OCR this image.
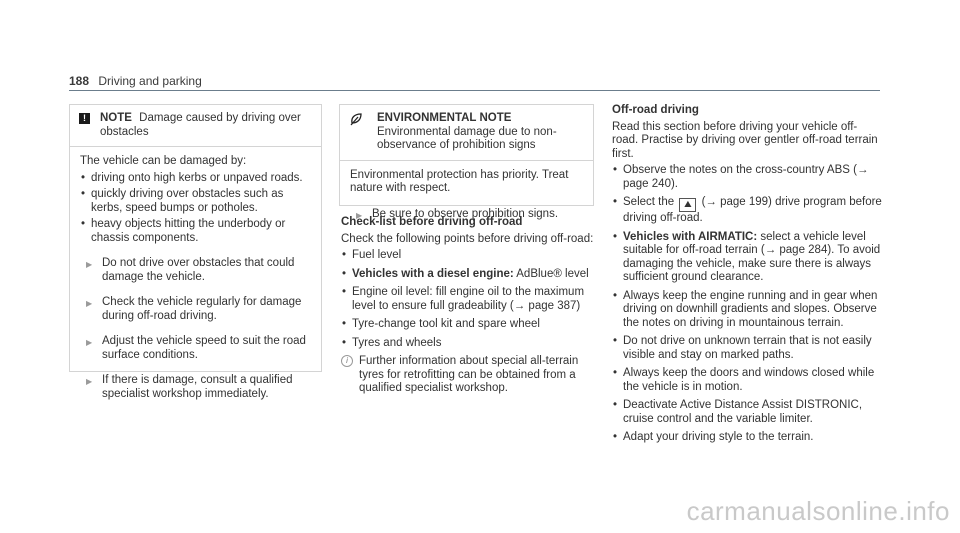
188 Driving and parking
!	NOTE Damage caused by driving over obstacles
The vehicle can be damaged by:
• driving onto high kerbs or unpaved roads.
• quickly driving over obstacles such as kerbs, speed bumps or potholes.
• heavy objects hitting the underbody or chassis components.
▶ Do not drive over obstacles that could damage the vehicle.
▶ Check the vehicle regularly for damage during off-road driving.
▶ Adjust the vehicle speed to suit the road surface conditions.
▶ If there is damage, consult a qualified specialist workshop immediately.
ENVIRONMENTAL NOTE Environmental damage due to non-observance of prohibition signs
Environmental protection has priority. Treat nature with respect.
▶ Be sure to observe prohibition signs.
Check-list before driving off-road
Check the following points before driving off-road:
• Fuel level
• Vehicles with a diesel engine: AdBlue® level
• Engine oil level: fill engine oil to the maximum level to ensure full gradeability (→ page 387)
• Tyre-change tool kit and spare wheel
• Tyres and wheels
i Further information about special all-terrain tyres for retrofitting can be obtained from a qualified specialist workshop.
Off-road driving
Read this section before driving your vehicle off-road. Practise by driving over gentler off-road terrain first.
• Observe the notes on the cross-country ABS (→ page 240).
• Select the ⛰ (→ page 199) drive program before driving off-road.
• Vehicles with AIRMATIC: select a vehicle level suitable for off-road terrain (→ page 284). To avoid damaging the vehicle, make sure there is always sufficient ground clearance.
• Always keep the engine running and in gear when driving on downhill gradients and slopes. Observe the notes on driving in mountainous terrain.
• Do not drive on unknown terrain that is not easily visible and stay on marked paths.
• Always keep the doors and windows closed while the vehicle is in motion.
• Deactivate Active Distance Assist DISTRONIC, cruise control and the variable limiter.
• Adapt your driving style to the terrain.
carmanualsonline.info
